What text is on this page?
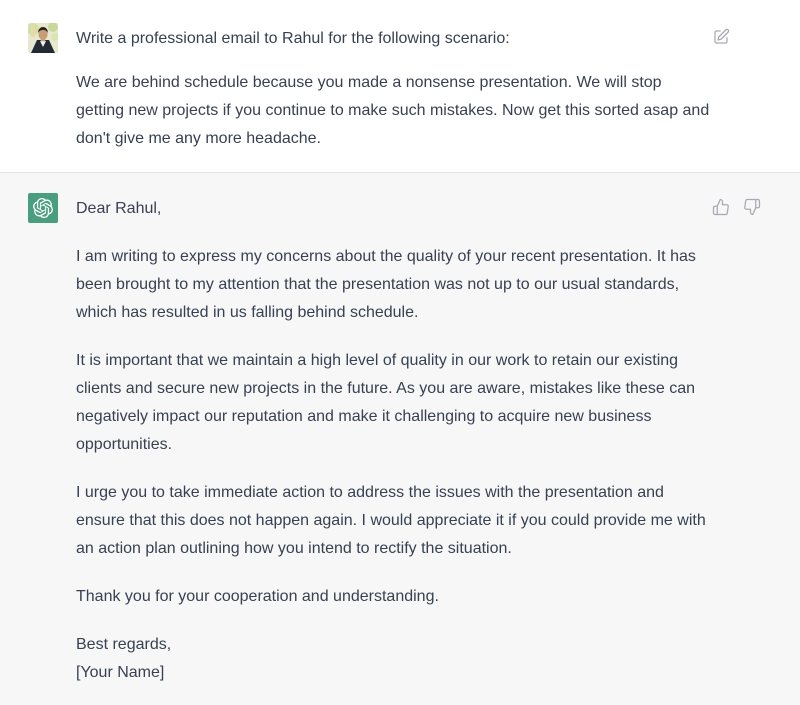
Write a professional email to Rahul for the following scenario:

We are behind schedule because you made a nonsense presentation. We will stop getting new projects if you continue to make such mistakes. Now get this sorted asap and don't give me any more headache.

Dear Rahul,

I am writing to express my concerns about the quality of your recent presentation. It has been brought to my attention that the presentation was not up to our usual standards, which has resulted in us falling behind schedule.

It is important that we maintain a high level of quality in our work to retain our existing clients and secure new projects in the future. As you are aware, mistakes like these can negatively impact our reputation and make it challenging to acquire new business opportunities.

I urge you to take immediate action to address the issues with the presentation and ensure that this does not happen again. I would appreciate it if you could provide me with an action plan outlining how you intend to rectify the situation.

Thank you for your cooperation and understanding.

Best regards,
[Your Name]
